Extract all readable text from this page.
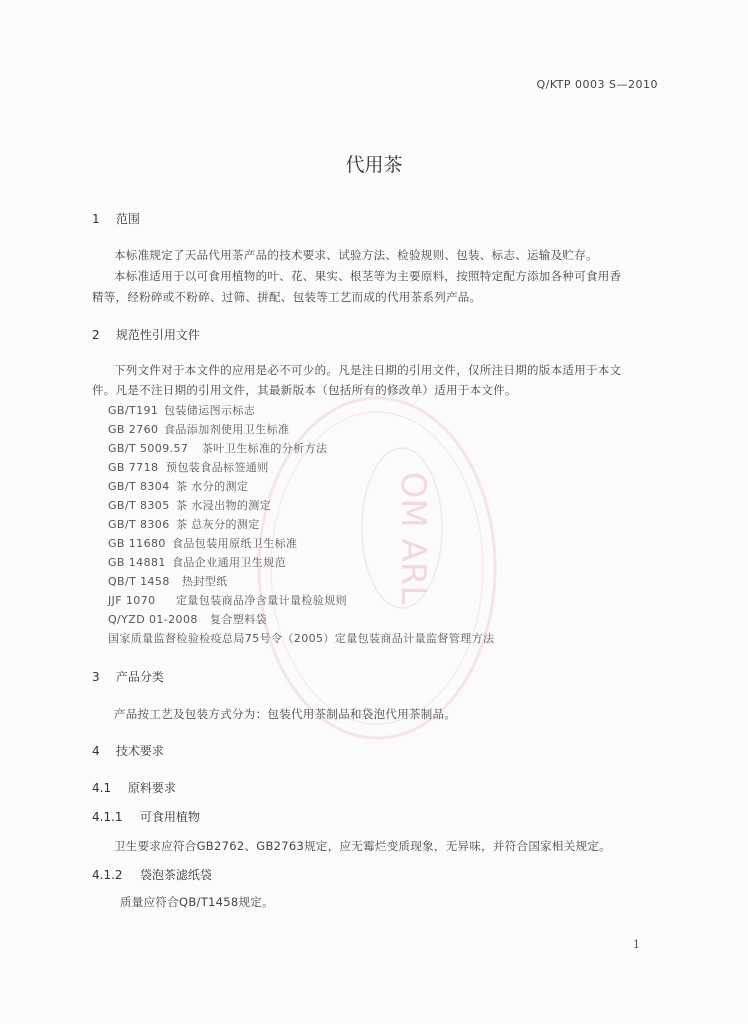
Q/KTP 0003 S—2010
代用茶
1 范围
本标准规定了天品代用茶产品的技术要求、试验方法、检验规则、包装、标志、运输及贮存。
本标准适用于以可食用植物的叶、花、果实、根茎等为主要原料，按照特定配方添加各种可食用香
精等，经粉碎或不粉碎、过筛、拼配、包装等工艺而成的代用茶系列产品。
2 规范性引用文件
下列文件对于本文件的应用是必不可少的。凡是注日期的引用文件，仅所注日期的版本适用于本文
件。凡是不注日期的引用文件，其最新版本（包括所有的修改单）适用于本文件。
GB/T191 包装储运图示标志
GB 2760 食品添加剂使用卫生标准
GB/T 5009.57 茶叶卫生标准的分析方法
GB 7718 预包装食品标签通则
GB/T 8304 茶 水分的测定
GB/T 8305 茶 水浸出物的测定
GB/T 8306 茶 总灰分的测定
GB 11680 食品包装用原纸卫生标准
GB 14881 食品企业通用卫生规范
QB/T 1458 热封型纸
JJF 1070 定量包装商品净含量计量检验规则
Q/YZD 01-2008 复合塑料袋
国家质量监督检验检疫总局75号令（2005）定量包装商品计量监督管理方法
3 产品分类
产品按工艺及包装方式分为：包装代用茶制品和袋泡代用茶制品。
4 技术要求
4.1 原料要求
4.1.1 可食用植物
卫生要求应符合GB2762、GB2763规定，应无霉烂变质现象，无异味，并符合国家相关规定。
4.1.2 袋泡茶滤纸袋
质量应符合QB/T1458规定。
1
OM ARL
